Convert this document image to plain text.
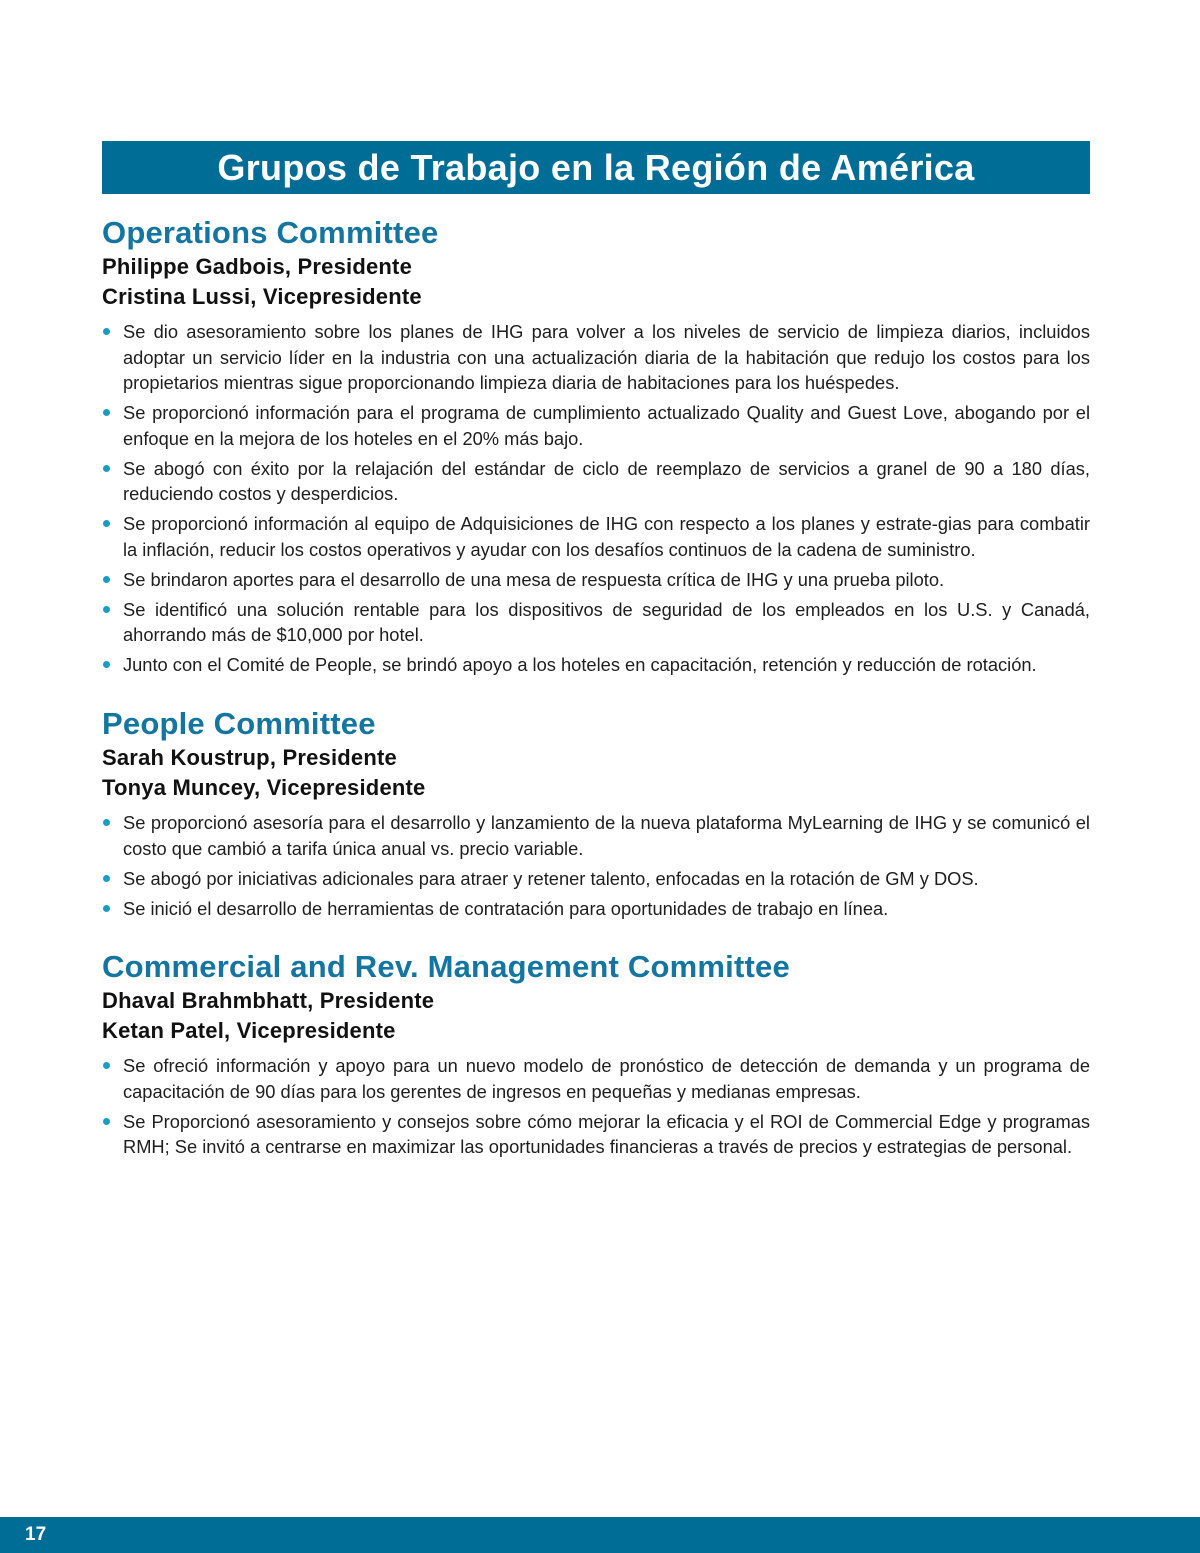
Grupos de Trabajo en la Región de América
Operations Committee

Philippe Gadbois, Presidente

Cristina Lussi, Vicepresidente

Se dio asesoramiento sobre los planes de IHG para volver a los niveles de servicio de limpieza diarios, incluidos adoptar un servicio líder en la industria con una actualización diaria de la habitación que redujo los costos para los propietarios mientras sigue proporcionando limpieza diaria de habitaciones para los huéspedes.
Se proporcionó información para el programa de cumplimiento actualizado Quality and Guest Love, abogando por el enfoque en la mejora de los hoteles en el 20% más bajo.
Se abogó con éxito por la relajación del estándar de ciclo de reemplazo de servicios a granel de 90 a 180 días, reduciendo costos y desperdicios.
Se proporcionó información al equipo de Adquisiciones de IHG con respecto a los planes y estrate-gias para combatir la inflación, reducir los costos operativos y ayudar con los desafíos continuos de la cadena de suministro.
Se brindaron aportes para el desarrollo de una mesa de respuesta crítica de IHG y una prueba piloto.
Se identificó una solución rentable para los dispositivos de seguridad de los empleados en los U.S. y Canadá, ahorrando más de $10,000 por hotel.
Junto con el Comité de People, se brindó apoyo a los hoteles en capacitación, retención y reducción de rotación.
People Committee

Sarah Koustrup, Presidente

Tonya Muncey, Vicepresidente

Se proporcionó asesoría para el desarrollo y lanzamiento de la nueva plataforma MyLearning de IHG y se comunicó el costo que cambió a tarifa única anual vs. precio variable.
Se abogó por iniciativas adicionales para atraer y retener talento, enfocadas en la rotación de GM y DOS.
Se inició el desarrollo de herramientas de contratación para oportunidades de trabajo en línea.
Commercial and Rev. Management Committee

Dhaval Brahmbhatt, Presidente

Ketan Patel, Vicepresidente

Se ofreció información y apoyo para un nuevo modelo de pronóstico de detección de demanda y un programa de capacitación de 90 días para los gerentes de ingresos en pequeñas y medianas empresas.
Se Proporcionó asesoramiento y consejos sobre cómo mejorar la eficacia y el ROI de Commercial Edge y programas RMH; Se invitó a centrarse en maximizar las oportunidades financieras a través de precios y estrategias de personal.
17
